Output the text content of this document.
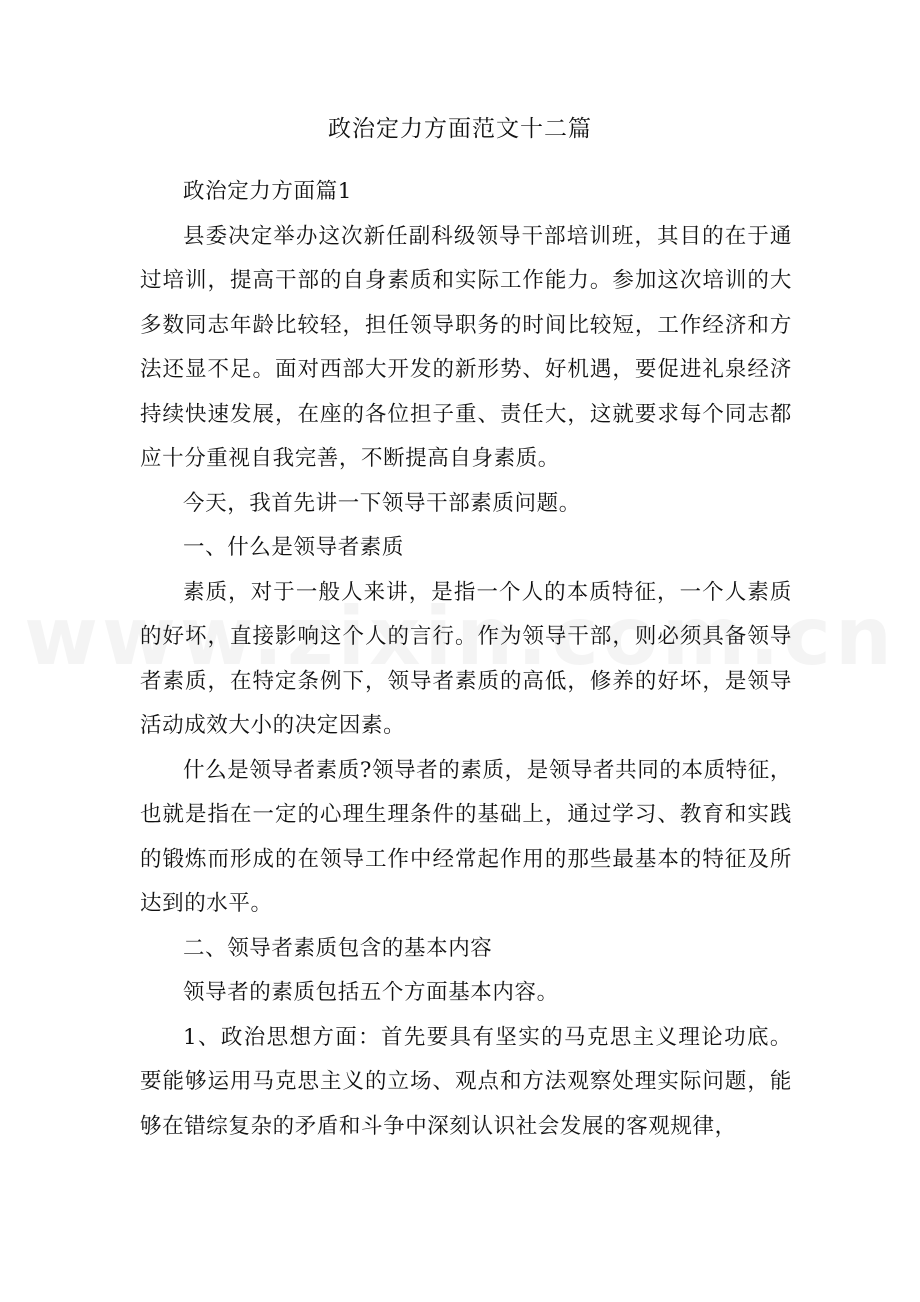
政治定力方面范文十二篇

政治定力方面篇1

县委决定举办这次新任副科级领导干部培训班，其目的在于通过培训，提高干部的自身素质和实际工作能力。参加这次培训的大多数同志年龄比较轻，担任领导职务的时间比较短，工作经济和方法还显不足。面对西部大开发的新形势、好机遇，要促进礼泉经济持续快速发展，在座的各位担子重、责任大，这就要求每个同志都应十分重视自我完善，不断提高自身素质。

今天，我首先讲一下领导干部素质问题。

一、什么是领导者素质

素质，对于一般人来讲，是指一个人的本质特征，一个人素质的好坏，直接影响这个人的言行。作为领导干部，则必须具备领导者素质，在特定条例下，领导者素质的高低，修养的好坏，是领导活动成效大小的决定因素。

什么是领导者素质?领导者的素质，是领导者共同的本质特征，也就是指在一定的心理生理条件的基础上，通过学习、教育和实践的锻炼而形成的在领导工作中经常起作用的那些最基本的特征及所达到的水平。

二、领导者素质包含的基本内容

领导者的素质包括五个方面基本内容。

1、政治思想方面：首先要具有坚实的马克思主义理论功底。要能够运用马克思主义的立场、观点和方法观察处理实际问题，能够在错综复杂的矛盾和斗争中深刻认识社会发展的客观规律，
